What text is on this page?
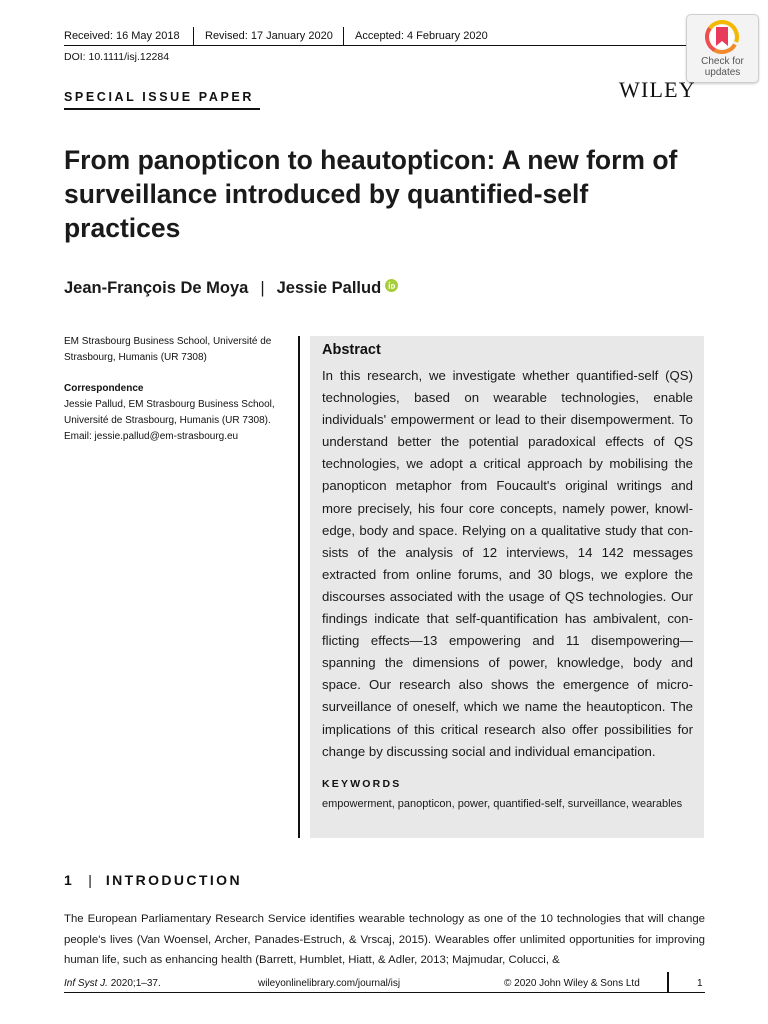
Received: 16 May 2018 Revised: 17 January 2020 Accepted: 4 February 2020
DOI: 10.1111/isj.12284	Check for
updates
SPECIAL ISSUE PAPER	WILEY
From panopticon to heautopticon: A new form of surveillance introduced by quantified-self practices
Jean-François De Moya | Jessie Pallud
EM Strasbourg Business School, Université de Strasbourg, Humanis (UR 7308)
Correspondence
Jessie Pallud, EM Strasbourg Business School, Université de Strasbourg, Humanis (UR 7308).
Email: jessie.pallud@em-strasbourg.eu
Abstract
In this research, we investigate whether quantified-self (QS) technologies, based on wearable technologies, enable individuals' empowerment or lead to their disempowerment. To understand better the potential paradoxical effects of QS technologies, we adopt a critical approach by mobilising the panopticon metaphor from Foucault's original writings and more precisely, his four core concepts, namely power, knowledge, body and space. Relying on a qualitative study that consists of the analysis of 12 interviews, 14 142 messages extracted from online forums, and 30 blogs, we explore the discourses associated with the usage of QS technologies. Our findings indicate that self-quantification has ambivalent, conflicting effects—13 empowering and 11 disempowering—spanning the dimensions of power, knowledge, body and space. Our research also shows the emergence of micro-surveillance of oneself, which we name the heautopticon. The implications of this critical research also offer possibilities for change by discussing social and individual emancipation.
KEYWORDS
empowerment, panopticon, power, quantified-self, surveillance, wearables
1 | INTRODUCTION
The European Parliamentary Research Service identifies wearable technology as one of the 10 technologies that will change people's lives (Van Woensel, Archer, Panades-Estruch, & Vrscaj, 2015). Wearables offer unlimited opportunities for improving human life, such as enhancing health (Barrett, Humblet, Hiatt, & Adler, 2013; Majmudar, Colucci, &
Inf Syst J. 2020;1–37.	wileyonlinelibrary.com/journal/isj	© 2020 John Wiley & Sons Ltd	1
